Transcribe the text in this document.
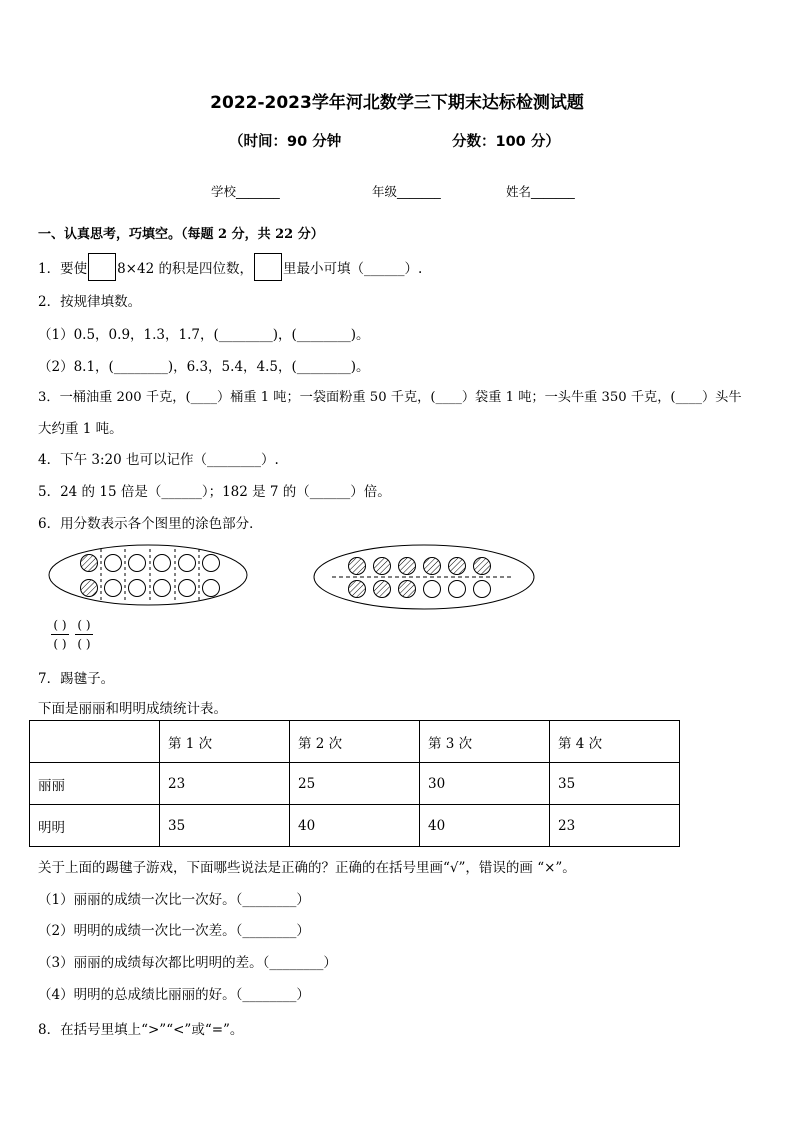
2022-2023学年河北数学三下期末达标检测试题
（时间：90 分钟	分数：100 分）
学校_______	年级_______	姓名_______
一、认真思考，巧填空。（每题 2 分，共 22 分）
1．要使 8×42 的积是四位数， 里最小可填（______）.
2．按规律填数。
（1）0.5，0.9，1.3，1.7，(________)，(________)。
（2）8.1，(________)，6.3，5.4，4.5，(________)。
3．一桶油重 200 千克，(____）桶重 1 吨；一袋面粉重 50 千克，(____）袋重 1 吨；一头牛重 350 千克，(____）头牛
大约重 1 吨。
4．下午 3:20 也可以记作（________）.
5．24 的 15 倍是（______）；182 是 7 的（______）倍。
6．用分数表示各个图里的涂色部分．
( )
( )
( )
( )
7．踢毽子。
下面是丽丽和明明成绩统计表。
	第 1 次	第 2 次	第 3 次	第 4 次
丽丽	23	25	30	35
明明	35	40	40	23
关于上面的踢毽子游戏，下面哪些说法是正确的？正确的在括号里画“√”，错误的画 “×”。
（1）丽丽的成绩一次比一次好。（________）
（2）明明的成绩一次比一次差。（________）
（3）丽丽的成绩每次都比明明的差。（________）
（4）明明的总成绩比丽丽的好。（________）
8．在括号里填上“>”“<”或“=”。
